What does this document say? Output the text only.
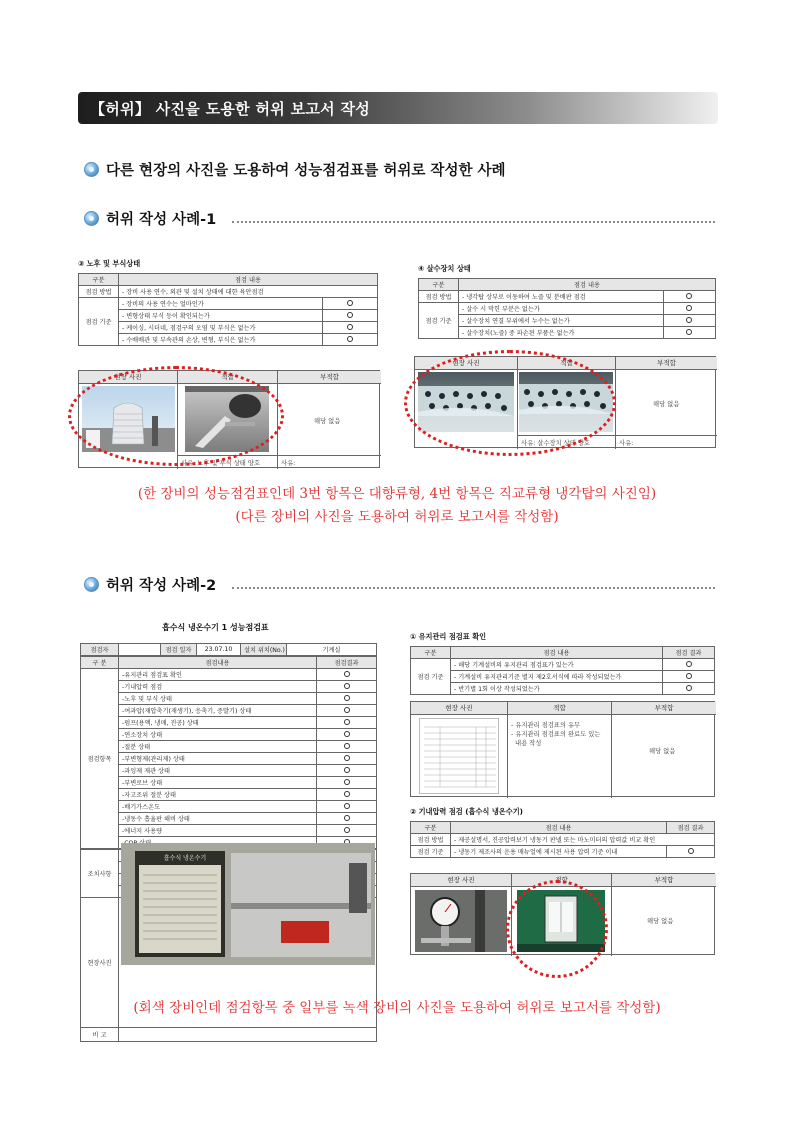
【허위】 사진을 도용한 허위 보고서 작성
다른 현장의 사진을 도용하여 성능점검표를 허위로 작성한 사례
허위 작성 사례-1
③ 노후 및 부식상태
구분	점검 내용	
점검 방법	- 장비 사용 연수, 외관 및 설치 상태에 대한 육안점검	
점검 기준	- 장비의 사용 연수는 얼마인가	
	- 변형상태 부식 등이 확인되는가	
	- 케이싱, 시더네, 점검구의 오염 및 부식은 없는가	
	- 수배배관 및 부속관의 손상, 변형, 부식은 없는가	
현장 사진	적합	부적합
해당 없음
사유: 노후 및 부식 상태 양호	사유:
④ 살수장치 상태
구분	점검 내용	
점검 방법	- 냉각탑 상부로 이동하여 노즐 및 분배판 점검	
점검 기준	- 살수 시 막힌 부분은 없는가	
	- 살수장치 연결 부위에서 누수는 없는가	
	- 살수장치(노즐) 중 파손된 부품은 없는가	
현장 사진	적합	부적합
해당 없음
사유: 살수장치 상태 양호	사유:
(한 장비의 성능점검표인데 3번 항목은 대향류형, 4번 항목은 직교류형 냉각탑의 사진임)
(다른 장비의 사진을 도용하여 허위로 보고서를 작성함)
허위 작성 사례-2
흡수식 냉온수기 1 성능점검표
점검자		점검 일자	23.07.10	설치 위치(No.)	기계실
구 분	점검내용	점검결과
점검항목	-유지관리 점검표 확인	
	-기내압력 점검	
	-노후 및 부식 상태	
	-여과압(재압축기(재생기), 응축기, 증발기) 상태	
	-펌프(용액, 냉매, 진공) 상태	
	-연소장치 상태	
	-절분 상태	
	-부변형제(관리제) 상태	
	-과잉제 재관 상태	
	-부변로브 상태	
	-자고조위 절분 상태	
	-배기가스온도	
	-냉동수 흡율판 해비 상태	
	-에너지 사용량	

조치사항	

현장사진	
비 고	
흡수식 냉온수기
① 유지관리 점검표 확인
구분	점검 내용	점검 결과
점검 기준	- 해당 기계설비의 유지관리 점검표가 있는가	
	- 기계설비 유지관리기준 별지 제2호서식에 따라 작성되었는가	
	- 반기별 1회 이상 작성되었는가	
현장 사진	적합	부적합
- 유지관리 점검표의 유무
- 유지관리 점검표의 완료도 있는
내용 작성
해당 없음
② 기내압력 점검 (흡수식 냉온수기)
구분	점검 내용	점검 결과
점검 방법	- 제공설명서, 진공압력보기 냉동기 판넬 또는 마노미터의 압력값 비교 확인	
점검 기준	- 냉동기 제조사의 운용 매뉴얼에 제시된 사용 압력 기준 이내	
현장 사진	적합	부적합
해당 없음
(회색 장비인데 점검항목 중 일부를 녹색 장비의 사진을 도용하여 허위로 보고서를 작성함)
